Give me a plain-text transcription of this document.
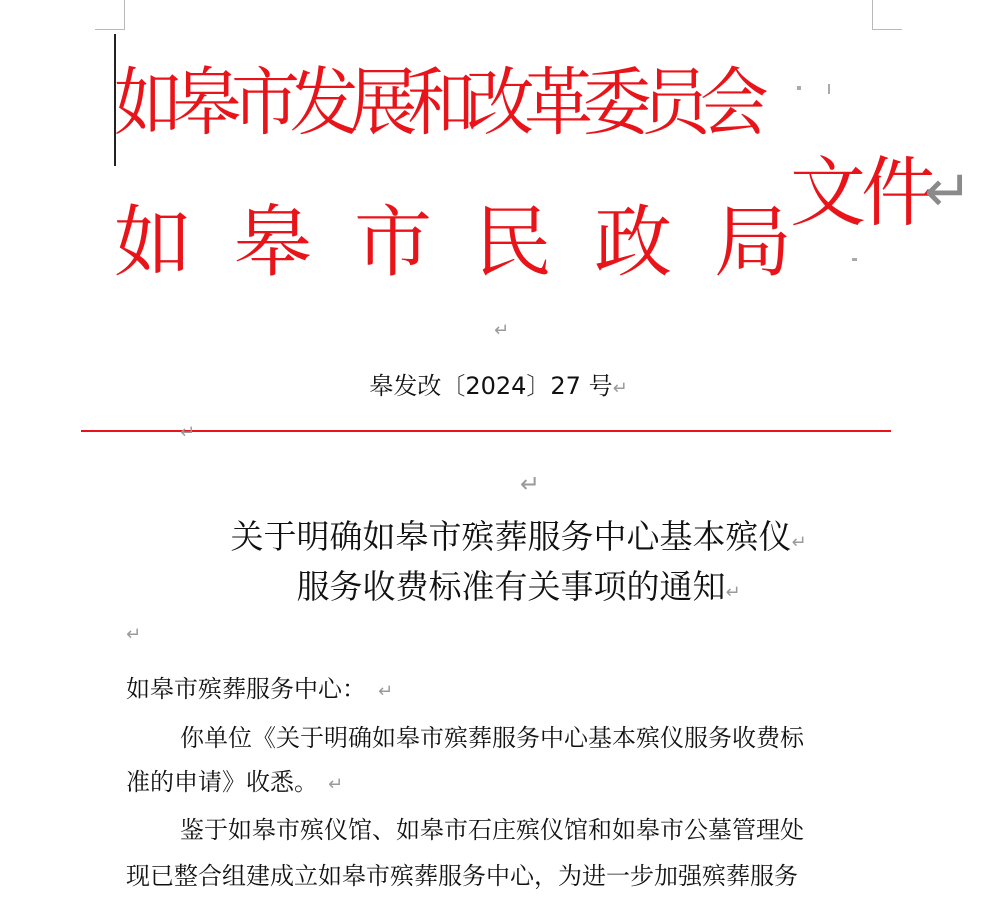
如皋市发展和改革委员会
如 皋 市 民 政 局
文件
↵
↵
皋发改〔2024〕27 号↵
↵
↵
关于明确如皋市殡葬服务中心基本殡仪↵
服务收费标准有关事项的通知↵
↵
如皋市殡葬服务中心： ↵
你单位《关于明确如皋市殡葬服务中心基本殡仪服务收费标
准的申请》收悉。 ↵
鉴于如皋市殡仪馆、如皋市石庄殡仪馆和如皋市公墓管理处
现已整合组建成立如皋市殡葬服务中心，为进一步加强殡葬服务
